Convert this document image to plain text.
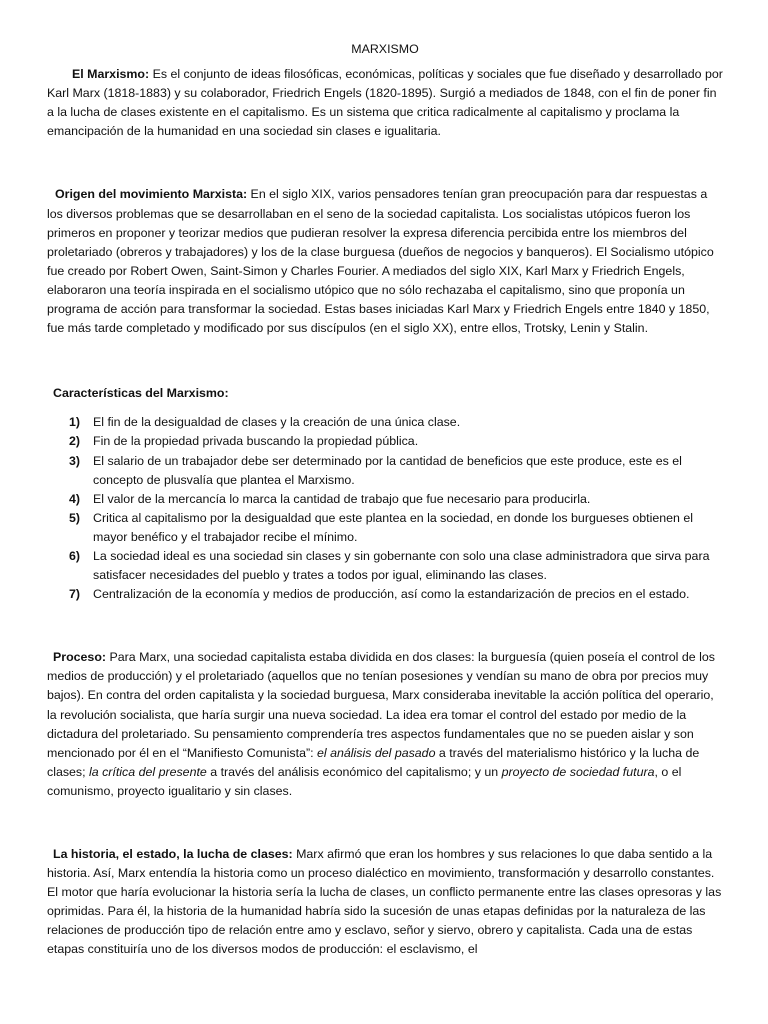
MARXISMO

El Marxismo: Es el conjunto de ideas filosóficas, económicas, políticas y sociales que fue diseñado y desarrollado por Karl Marx (1818-1883) y su colaborador, Friedrich Engels (1820-1895). Surgió a mediados de 1848, con el fin de poner fin a la lucha de clases existente en el capitalismo. Es un sistema que critica radicalmente al capitalismo y proclama la emancipación de la humanidad en una sociedad sin clases e igualitaria.

Origen del movimiento Marxista: En el siglo XIX, varios pensadores tenían gran preocupación para dar respuestas a los diversos problemas que se desarrollaban en el seno de la sociedad capitalista. Los socialistas utópicos fueron los primeros en proponer y teorizar medios que pudieran resolver la expresa diferencia percibida entre los miembros del proletariado (obreros y trabajadores) y los de la clase burguesa (dueños de negocios y banqueros). El Socialismo utópico fue creado por Robert Owen, Saint-Simon y Charles Fourier. A mediados del siglo XIX, Karl Marx y Friedrich Engels, elaboraron una teoría inspirada en el socialismo utópico que no sólo rechazaba el capitalismo, sino que proponía un programa de acción para transformar la sociedad. Estas bases iniciadas Karl Marx y Friedrich Engels entre 1840 y 1850, fue más tarde completado y modificado por sus discípulos (en el siglo XX), entre ellos, Trotsky, Lenin y Stalin.

Características del Marxismo:

1) El fin de la desigualdad de clases y la creación de una única clase.
2) Fin de la propiedad privada buscando la propiedad pública.
3) El salario de un trabajador debe ser determinado por la cantidad de beneficios que este produce, este es el concepto de plusvalía que plantea el Marxismo.
4) El valor de la mercancía lo marca la cantidad de trabajo que fue necesario para producirla.
5) Critica al capitalismo por la desigualdad que este plantea en la sociedad, en donde los burgueses obtienen el mayor benéfico y el trabajador recibe el mínimo.
6) La sociedad ideal es una sociedad sin clases y sin gobernante con solo una clase administradora que sirva para satisfacer necesidades del pueblo y trates a todos por igual, eliminando las clases.
7) Centralización de la economía y medios de producción, así como la estandarización de precios en el estado.

Proceso: Para Marx, una sociedad capitalista estaba dividida en dos clases: la burguesía (quien poseía el control de los medios de producción) y el proletariado (aquellos que no tenían posesiones y vendían su mano de obra por precios muy bajos). En contra del orden capitalista y la sociedad burguesa, Marx consideraba inevitable la acción política del operario, la revolución socialista, que haría surgir una nueva sociedad. La idea era tomar el control del estado por medio de la dictadura del proletariado. Su pensamiento comprendería tres aspectos fundamentales que no se pueden aislar y son mencionado por él en el “Manifiesto Comunista”: el análisis del pasado a través del materialismo histórico y la lucha de clases; la crítica del presente a través del análisis económico del capitalismo; y un proyecto de sociedad futura, o el comunismo, proyecto igualitario y sin clases.

La historia, el estado, la lucha de clases: Marx afirmó que eran los hombres y sus relaciones lo que daba sentido a la historia. Así, Marx entendía la historia como un proceso dialéctico en movimiento, transformación y desarrollo constantes. El motor que haría evolucionar la historia sería la lucha de clases, un conflicto permanente entre las clases opresoras y las oprimidas. Para él, la historia de la humanidad habría sido la sucesión de unas etapas definidas por la naturaleza de las relaciones de producción tipo de relación entre amo y esclavo, señor y siervo, obrero y capitalista. Cada una de estas etapas constituiría uno de los diversos modos de producción: el esclavismo, el
